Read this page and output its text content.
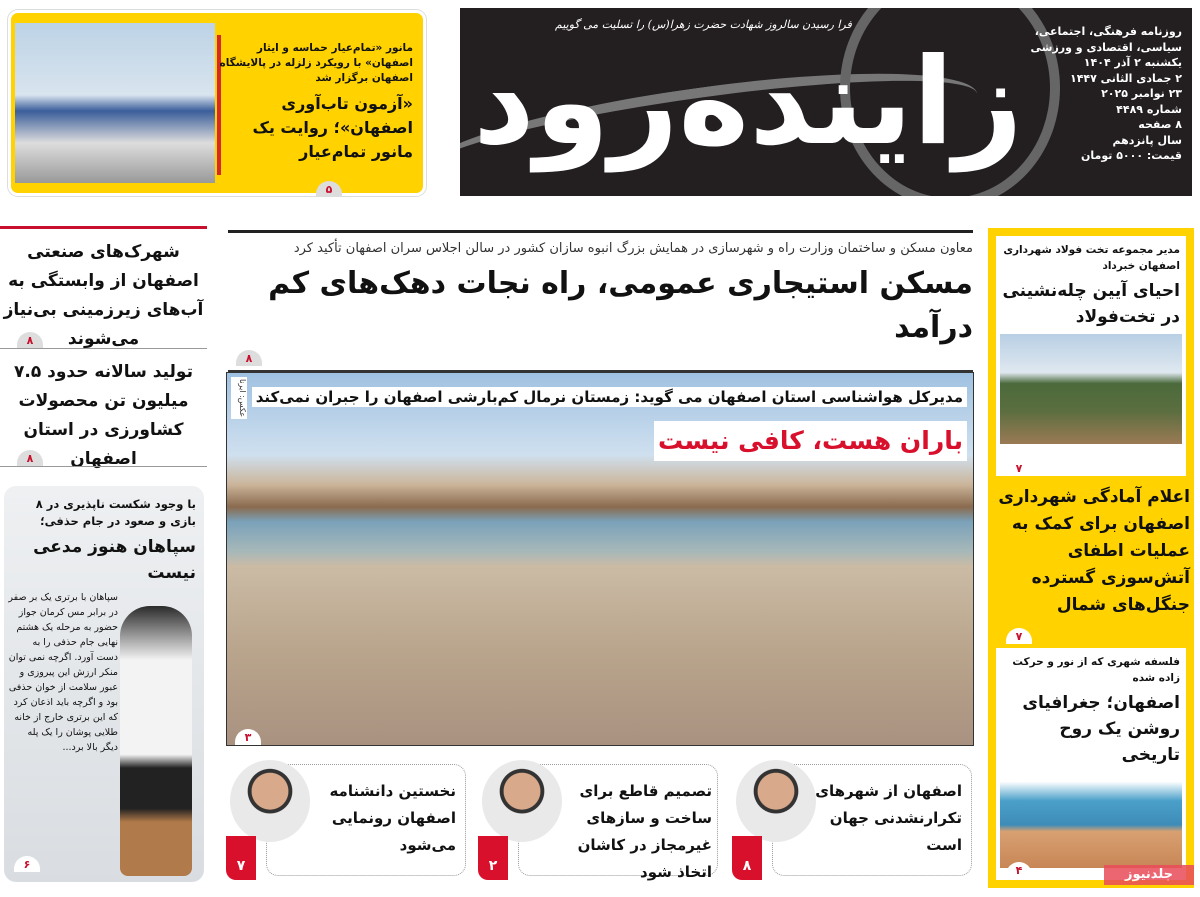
زاینده‌رود
فرا رسیدن سالروز شهادت حضرت زهرا(س) را تسلیت می گوییم
روزنامه فرهنگی، اجتماعی،
سیاسی، اقتصادی و ورزشی
یکشنبه ۲ آذر ۱۴۰۴
۲ جمادی الثانی ۱۴۴۷
۲۳ نوامبر ۲۰۲۵
شماره ۴۴۸۹
۸ صفحه
سال پانزدهم
قیمت: ۵۰۰۰ تومان
مانور «تمام‌عیار حماسه و ایثار اصفهان» با رویکرد زلزله در پالایشگاه اصفهان برگزار شد
«آزمون تاب‌آوری اصفهان»؛ روایت یک مانور تمام‌عیار
۵
شهرک‌های صنعتی اصفهان از وابستگی به آب‌های زیرزمینی بی‌نیاز می‌شوند
۸
تولید سالانه حدود ۷.۵ میلیون تن محصولات کشاورزی در استان اصفهان
۸
با وجود شکست ناپذیری در ۸ بازی و صعود در جام حذفی؛
سپاهان هنوز مدعی نیست
سپاهان با برتری یک بر صفر در برابر مس کرمان جواز حضور به مرحله یک هشتم نهایی جام حذفی را به دست آورد. اگرچه نمی توان منکر ارزش این پیروزی و عبور سلامت از خوان حذفی بود و اگرچه باید اذعان کرد که این برتری خارج از خانه طلایی پوشان را یک پله دیگر بالا برد...
۶
معاون مسکن و ساختمان وزارت راه و شهرسازی در همایش بزرگ انبوه سازان کشور در سالن اجلاس سران اصفهان تأکید کرد
مسکن استیجاری عمومی، راه نجات دهک‌های کم درآمد
۸
عکس: ایرنا مدیرکل هواشناسی استان اصفهان می گوید: زمستان نرمال کم‌بارشی اصفهان را جبران نمی‌کند
باران هست، کافی نیست
۳
اصفهان از شهرهای تکرارنشدنی جهان است
۸
تصمیم قاطع برای ساخت و سازهای غیرمجاز در کاشان اتخاذ شود
۲
نخستین دانشنامه اصفهان رونمایی می‌شود
۷
مدیر مجموعه تخت فولاد شهرداری اصفهان خبرداد
احیای آیین چله‌نشینی در تخت‌فولاد
۷
اعلام آمادگی شهرداری اصفهان برای کمک به عملیات اطفای آتش‌سوزی گسترده جنگل‌های شمال
۷
فلسفه شهری که از نور و حرکت زاده شده
اصفهان؛ جغرافیای روشن یک روح تاریخی
۴	جلد‌نیوز
